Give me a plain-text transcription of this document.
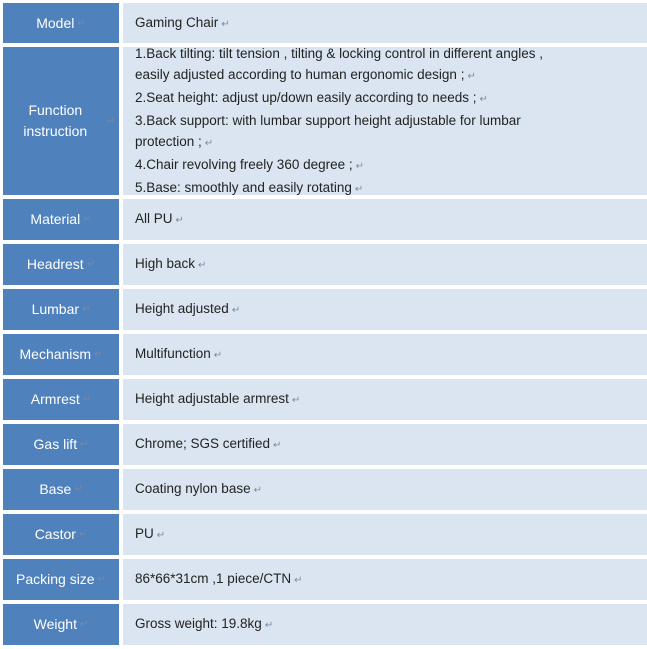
Model ↵	Gaming Chair ↵
Function instruction
↵
1.Back tilting: tilt tension , tilting & locking control in different angles ,
easily adjusted according to human ergonomic design ; ↵
2.Seat height: adjust up/down easily according to needs ; ↵
3.Back support: with lumbar support height adjustable for lumbar
protection ; ↵
4.Chair revolving freely 360 degree ; ↵
5.Base: smoothly and easily rotating ↵
Material ↵	All PU ↵
Headrest ↵	High back ↵
Lumbar ↵	Height adjusted ↵
Mechanism ↵ Multifunction ↵
Armrest ↵	Height adjustable armrest ↵
Gas lift ↵	Chrome; SGS certified ↵
Base ↵	Coating nylon base ↵
Castor ↵	PU ↵
Packing size ↵ 86*66*31cm ,1 piece/CTN ↵
Weight ↵	Gross weight: 19.8kg ↵
